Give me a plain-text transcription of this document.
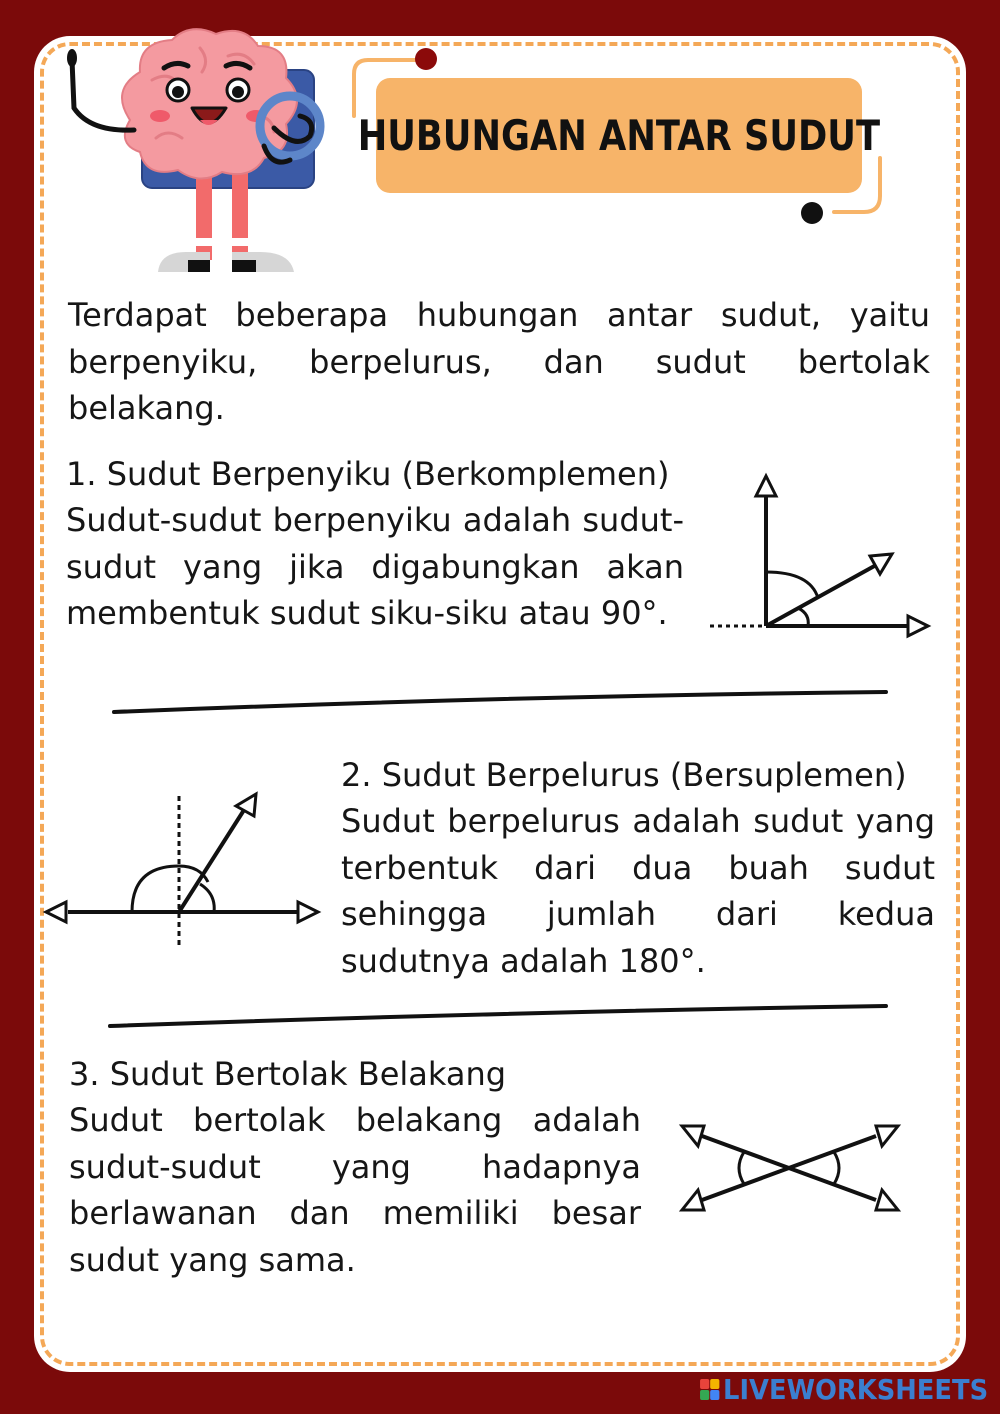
HUBUNGAN ANTAR SUDUT

Terdapat beberapa hubungan antar sudut, yaitu berpenyiku, berpelurus, dan sudut bertolak belakang.

1. Sudut Berpenyiku (Berkomplemen)

Sudut-sudut berpenyiku adalah sudut-sudut yang jika digabungkan akan membentuk sudut siku-siku atau 90°.

2. Sudut Berpelurus (Bersuplemen)

Sudut berpelurus adalah sudut yang terbentuk dari dua buah sudut sehingga jumlah dari kedua sudutnya adalah 180°.

3. Sudut Bertolak Belakang

Sudut bertolak belakang adalah sudut-sudut yang hadapnya berlawanan dan memiliki besar sudut yang sama.

LIVEWORKSHEETS
